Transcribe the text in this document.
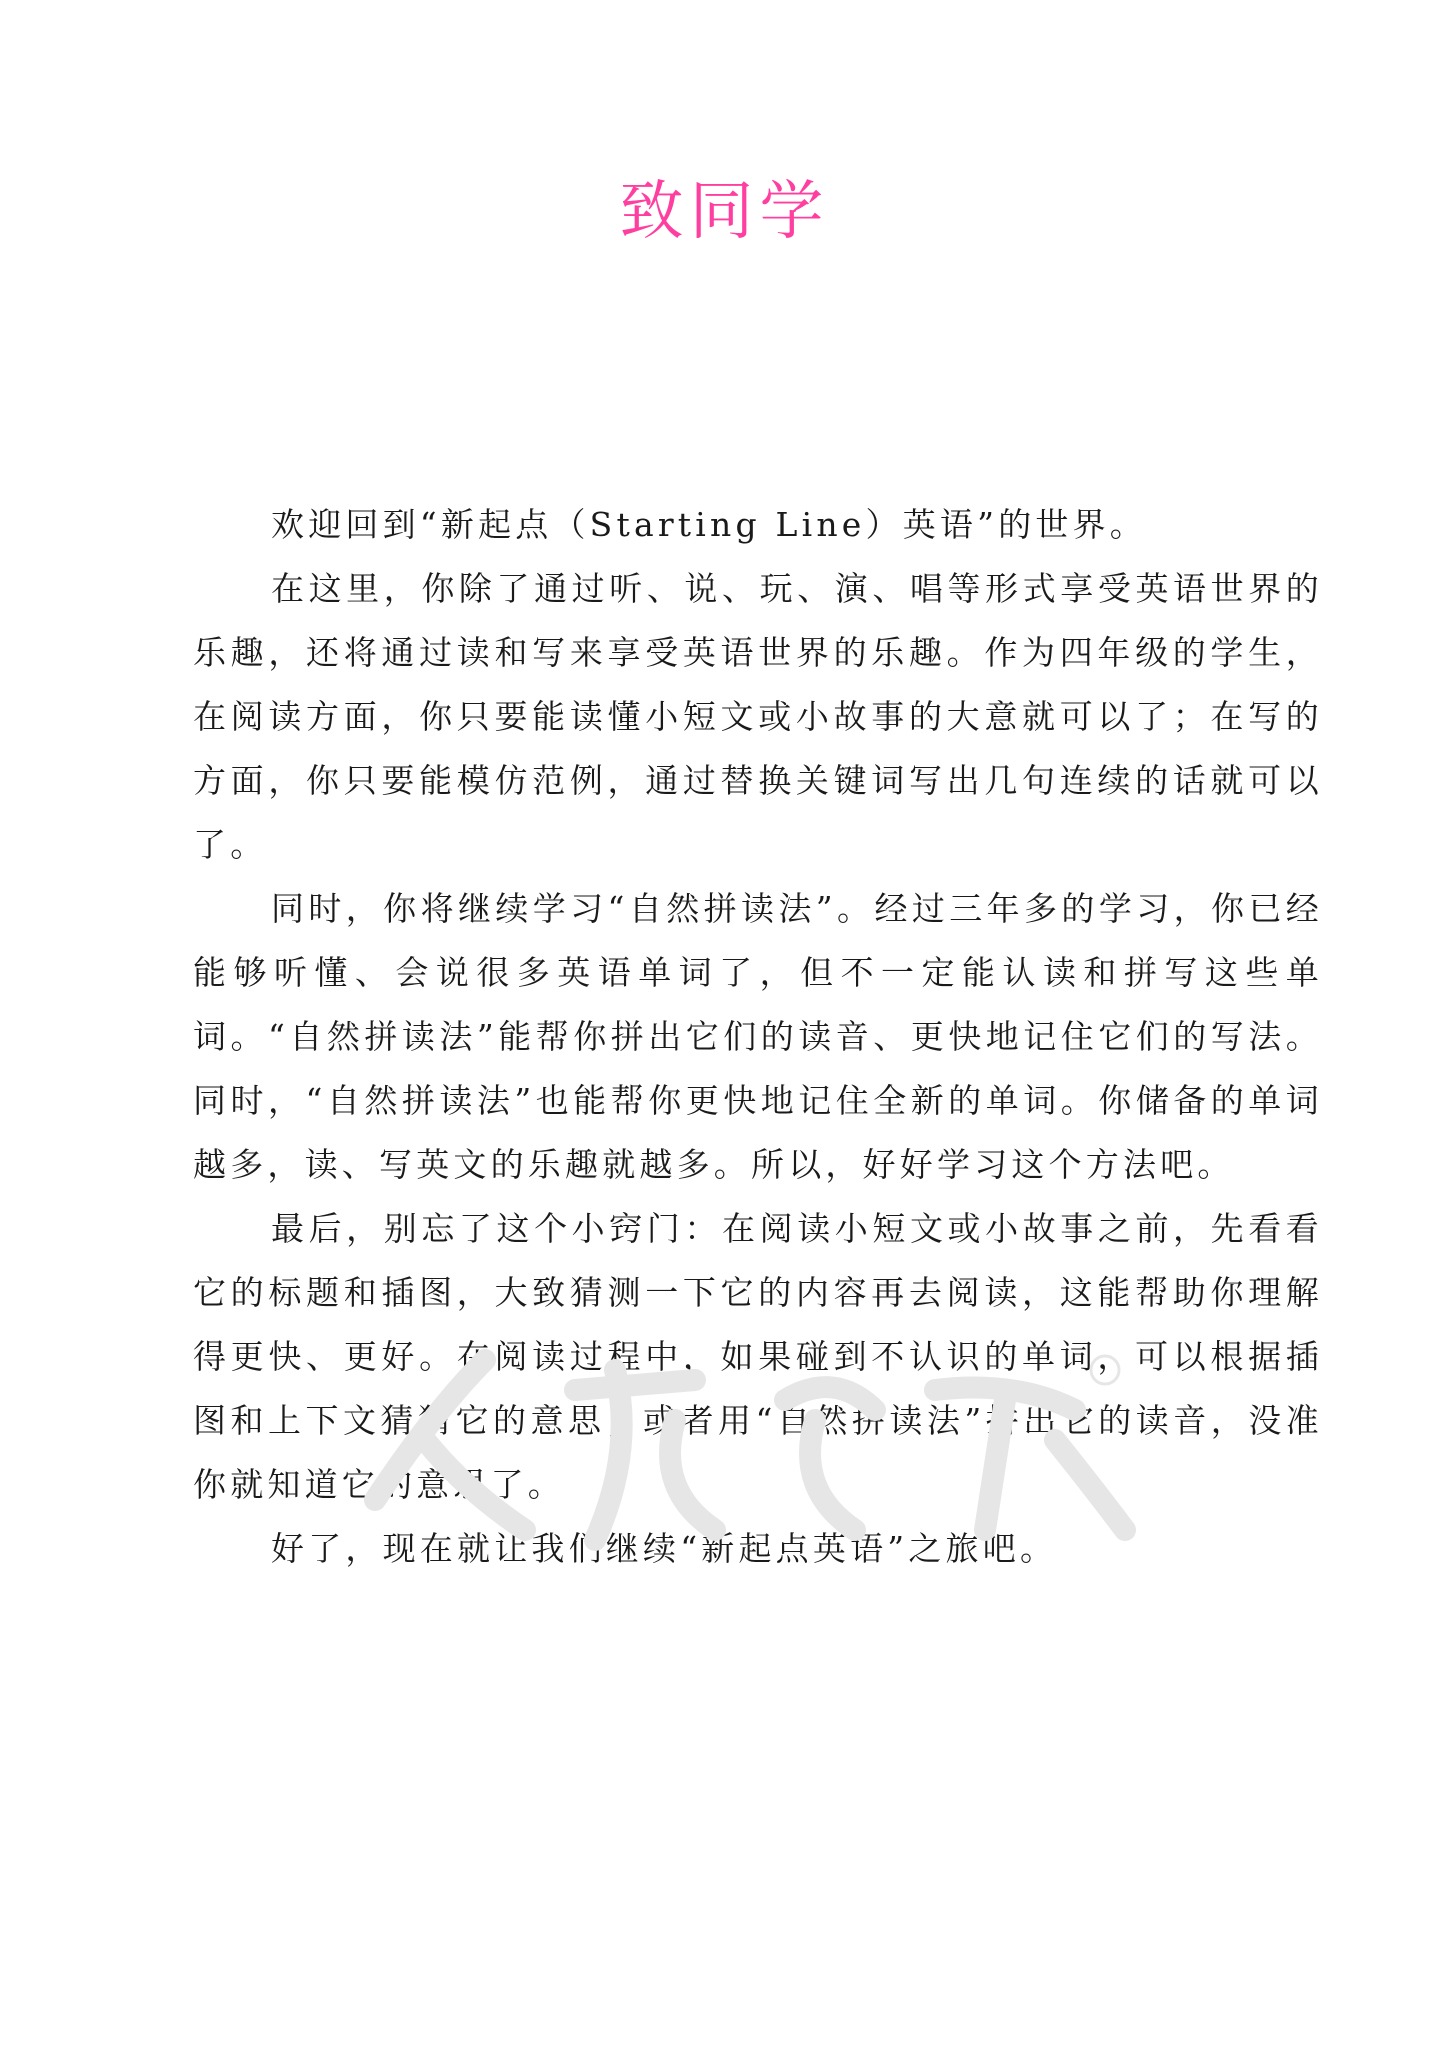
致同学

欢迎回到“新起点（Starting Line）英语”的世界。

在这里，你除了通过听、说、玩、演、唱等形式享受英语世界的乐趣，还将通过读和写来享受英语世界的乐趣。作为四年级的学生，在阅读方面，你只要能读懂小短文或小故事的大意就可以了；在写的方面，你只要能模仿范例，通过替换关键词写出几句连续的话就可以了。

同时，你将继续学习“自然拼读法”。经过三年多的学习，你已经能够听懂、会说很多英语单词了，但不一定能认读和拼写这些单词。“自然拼读法”能帮你拼出它们的读音、更快地记住它们的写法。同时，“自然拼读法”也能帮你更快地记住全新的单词。你储备的单词越多，读、写英文的乐趣就越多。所以，好好学习这个方法吧。

最后，别忘了这个小窍门：在阅读小短文或小故事之前，先看看它的标题和插图，大致猜测一下它的内容再去阅读，这能帮助你理解得更快、更好。在阅读过程中，如果碰到不认识的单词，可以根据插图和上下文猜猜它的意思；或者用“自然拼读法”拼出它的读音，没准你就知道它的意思了。

好了，现在就让我们继续“新起点英语”之旅吧。
